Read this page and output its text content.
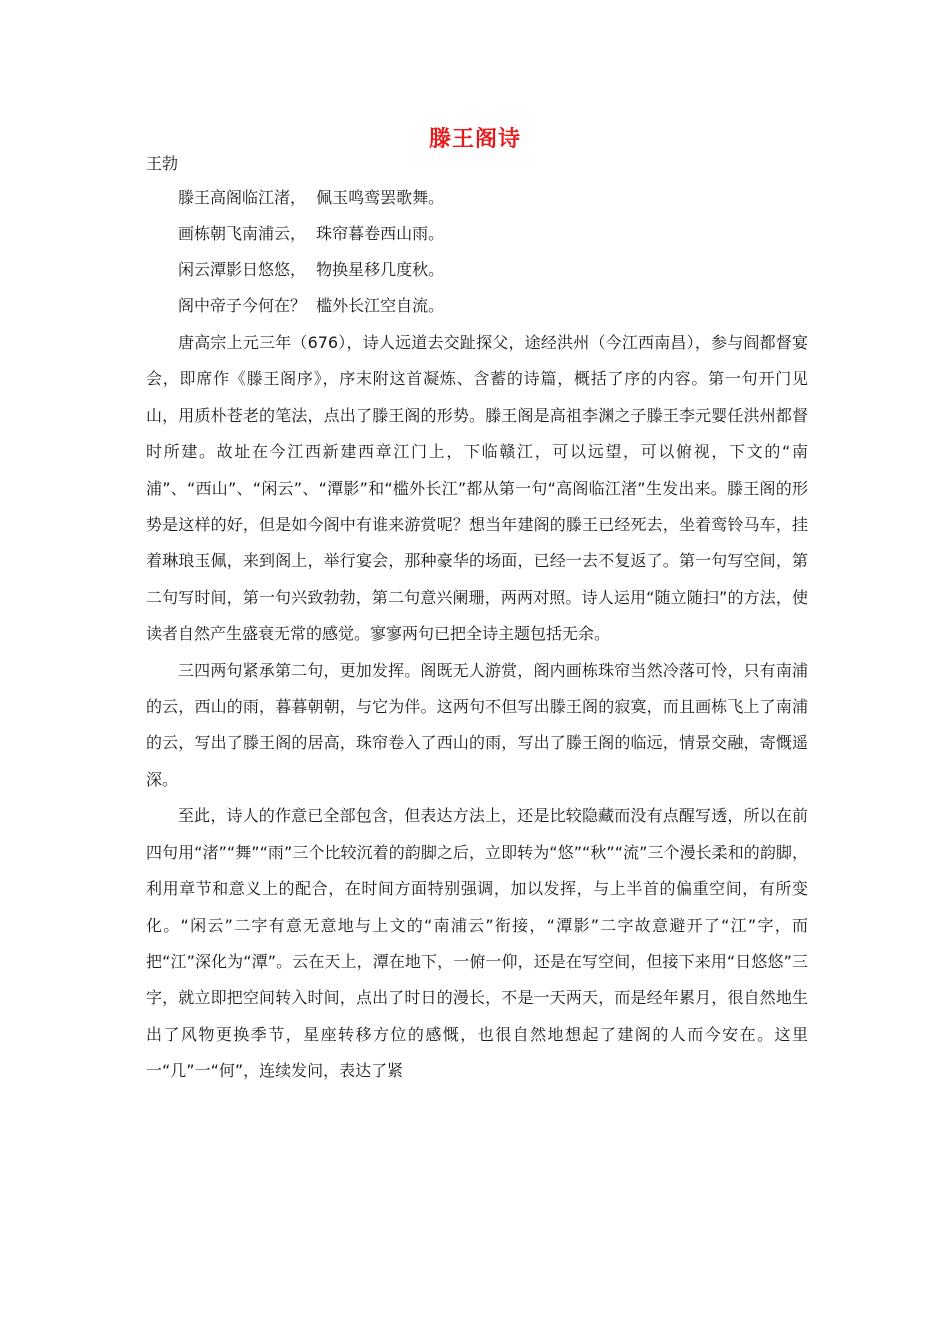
滕王阁诗
王勃
滕王高阁临江渚，  佩玉鸣鸾罢歌舞。
画栋朝飞南浦云，  珠帘暮卷西山雨。
闲云潭影日悠悠，  物换星移几度秋。
阁中帝子今何在？  槛外长江空自流。

唐高宗上元三年（676），诗人远道去交趾探父，途经洪州（今江西南昌），参与阎都督宴会，即席作《滕王阁序》，序末附这首凝炼、含蓄的诗篇，概括了序的内容。第一句开门见山，用质朴苍老的笔法，点出了滕王阁的形势。滕王阁是高祖李渊之子滕王李元婴任洪州都督时所建。故址在今江西新建西章江门上，下临赣江，可以远望，可以俯视，下文的“南浦”、“西山”、“闲云”、“潭影”和“槛外长江”都从第一句“高阁临江渚”生发出来。滕王阁的形势是这样的好，但是如今阁中有谁来游赏呢？想当年建阁的滕王已经死去，坐着鸾铃马车，挂着琳琅玉佩，来到阁上，举行宴会，那种豪华的场面，已经一去不复返了。第一句写空间，第二句写时间，第一句兴致勃勃，第二句意兴阑珊，两两对照。诗人运用“随立随扫”的方法，使读者自然产生盛衰无常的感觉。寥寥两句已把全诗主题包括无余。

三四两句紧承第二句，更加发挥。阁既无人游赏，阁内画栋珠帘当然冷落可怜，只有南浦的云，西山的雨，暮暮朝朝，与它为伴。这两句不但写出滕王阁的寂寞，而且画栋飞上了南浦的云，写出了滕王阁的居高，珠帘卷入了西山的雨，写出了滕王阁的临远，情景交融，寄慨遥深。

至此，诗人的作意已全部包含，但表达方法上，还是比较隐藏而没有点醒写透，所以在前四句用“渚”“舞”“雨”三个比较沉着的韵脚之后，立即转为“悠”“秋”“流”三个漫长柔和的韵脚，利用章节和意义上的配合，在时间方面特别强调，加以发挥，与上半首的偏重空间，有所变化。“闲云”二字有意无意地与上文的“南浦云”衔接，“潭影”二字故意避开了“江”字，而把“江”深化为“潭”。云在天上，潭在地下，一俯一仰，还是在写空间，但接下来用“日悠悠”三字，就立即把空间转入时间，点出了时日的漫长，不是一天两天，而是经年累月，很自然地生出了风物更换季节，星座转移方位的感慨，也很自然地想起了建阁的人而今安在。这里一“几”一“何”，连续发问，表达了紧
